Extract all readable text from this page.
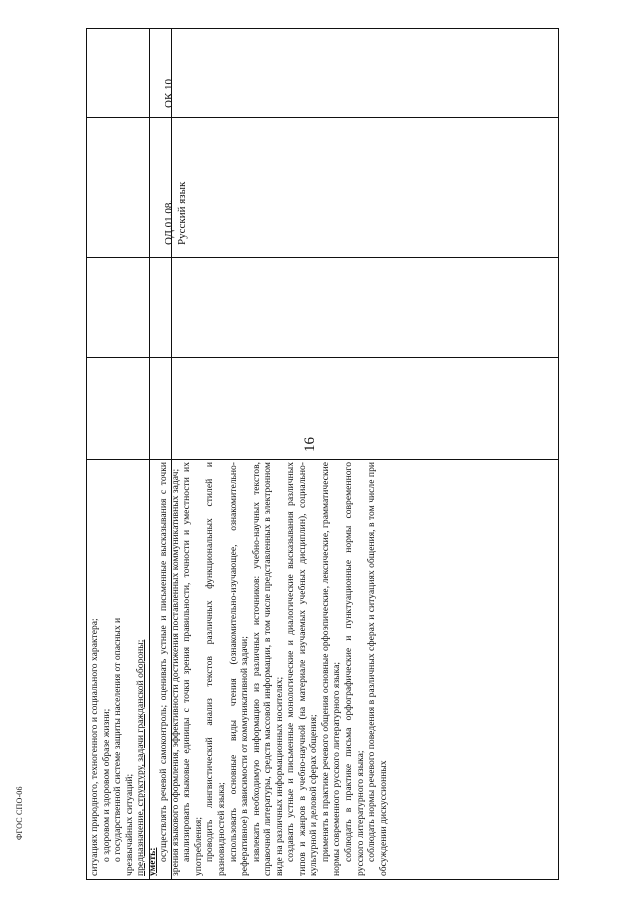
16
ФГОС СПО-06
ОК 10
ОД.01.08. Русский язык

ситуациях природного, техногенного и социального характера; о здоровом и здоровом образе жизни; о государственной системе защиты населения от опасных и чрезвычайных ситуаций; предназначение, структуру, задачи гражданской обороны; уметь: осуществлять речевой самоконтроль; оценивать устные и письменные высказывания с точки зрения языкового оформления, эффективности достижения поставленных коммуникативных задач; анализировать языковые единицы с точки зрения правильности, точности и уместности их употребления; проводить лингвистический анализ текстов различных функциональных стилей и разновидностей языка; использовать основные виды чтения (ознакомительно-изучающее, ознакомительно-реферативное) в зависимости от коммуникативной задачи; извлекать необходимую информацию из различных источников: учебно-научных текстов, справочной литературы, средств массовой информации, в том числе представленных в электронном виде на различных информационных носителях; создавать устные и письменные монологические и диалогические высказывания различных типов и жанров в учебно-научной (на материале изучаемых учебных дисциплин), социально-культурной и деловой сферах общения; применять в практике речевого общения основные орфоэпические, лексические, грамматические нормы современного русского литературного языка; соблюдать в практике письма орфографические и пунктуационные нормы современного русского литературного языка; соблюдать нормы речевого поведения в различных сферах и ситуациях общения, в том числе при обсуждении дискуссионных
